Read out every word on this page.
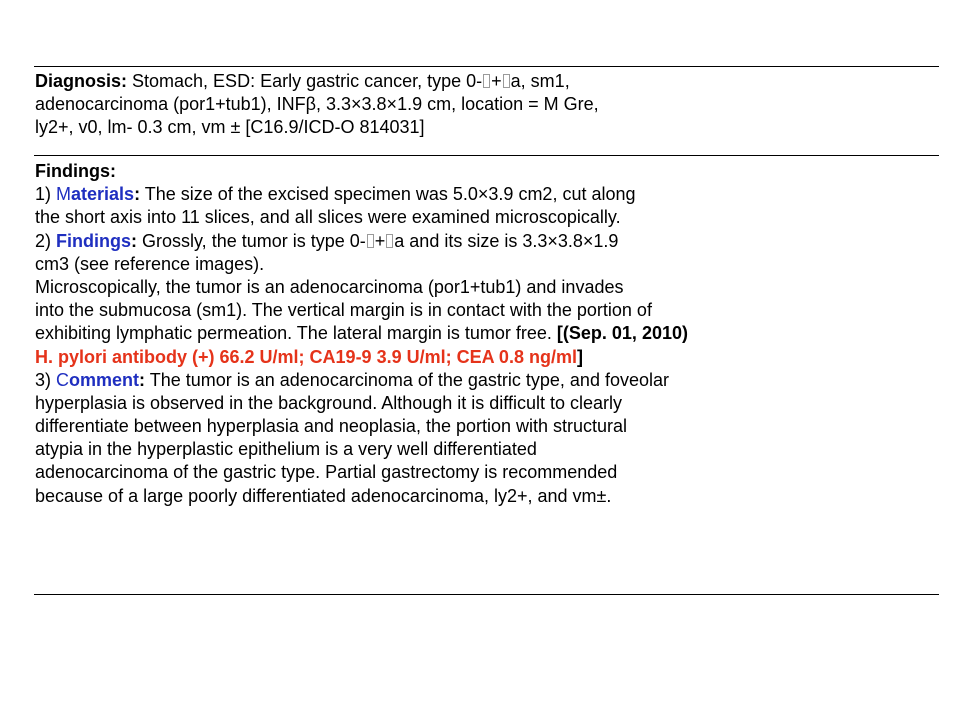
Diagnosis: Stomach, ESD: Early gastric cancer, type 0- + a, sm1,
adenocarcinoma (por1+tub1), INFβ, 3.3×3.8×1.9 cm, location = M Gre,
ly2+, v0, lm- 0.3 cm, vm ± [C16.9/ICD-O 814031]
Findings:
1) Materials: The size of the excised specimen was 5.0×3.9 cm2, cut along
the short axis into 11 slices, and all slices were examined microscopically.
2) Findings: Grossly, the tumor is type 0- + a and its size is 3.3×3.8×1.9
cm3 (see reference images).
Microscopically, the tumor is an adenocarcinoma (por1+tub1) and invades
into the submucosa (sm1). The vertical margin is in contact with the portion of
exhibiting lymphatic permeation. The lateral margin is tumor free. [(Sep. 01, 2010)
H. pylori antibody (+) 66.2 U/ml; CA19-9 3.9 U/ml; CEA 0.8 ng/ml]
3) Comment: The tumor is an adenocarcinoma of the gastric type, and foveolar
hyperplasia is observed in the background. Although it is difficult to clearly
differentiate between hyperplasia and neoplasia, the portion with structural
atypia in the hyperplastic epithelium is a very well differentiated
adenocarcinoma of the gastric type. Partial gastrectomy is recommended
because of a large poorly differentiated adenocarcinoma, ly2+, and vm±.
